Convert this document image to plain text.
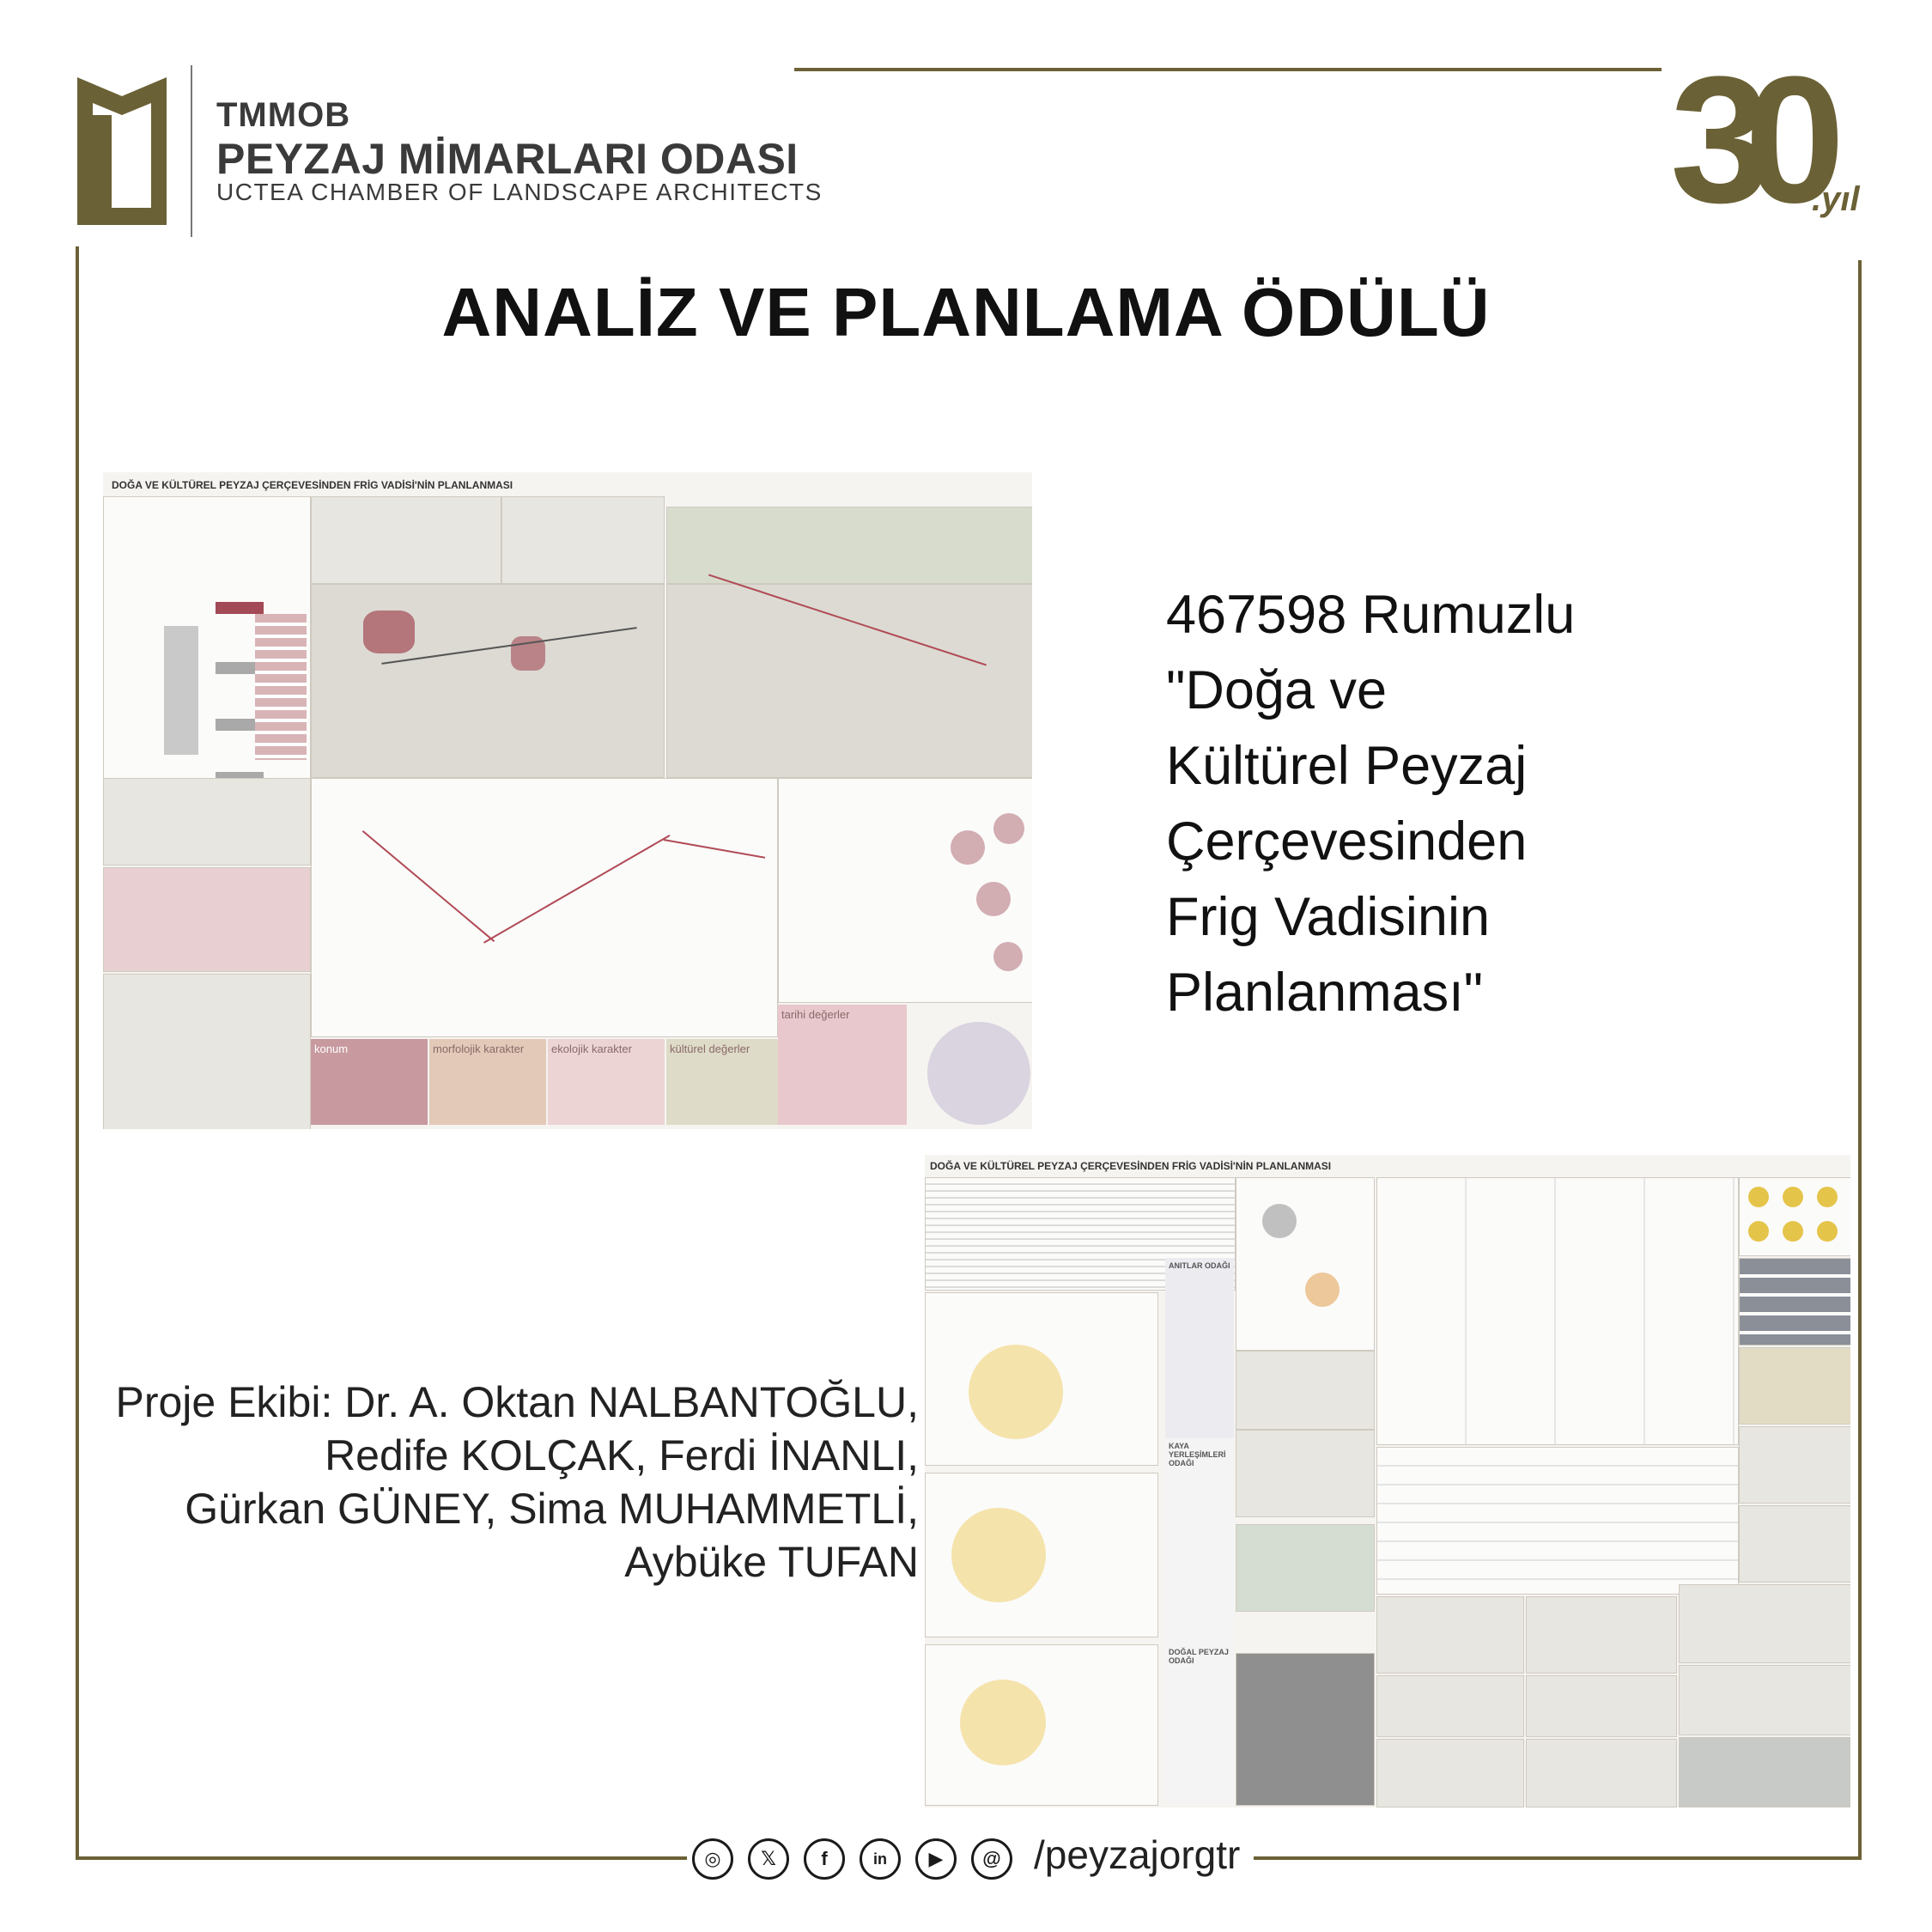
TMMOB
PEYZAJ MİMARLARI ODASI
UCTEA CHAMBER OF LANDSCAPE ARCHITECTS	30
.yıl
ANALİZ VE PLANLAMA ÖDÜLÜ
DOĞA VE KÜLTÜREL PEYZAJ ÇERÇEVESİNDEN FRİG VADİSİ'NİN PLANLANMASI
konum	morfolojik karakter	ekolojik karakter	kültürel değerler
tarihi değerler
467598 Rumuzlu
"Doğa ve
Kültürel Peyzaj
Çerçevesinden
Frig Vadisinin
Planlanması"
Proje Ekibi: Dr. A. Oktan NALBANTOĞLU,
Redife KOLÇAK, Ferdi İNANLI,
Gürkan GÜNEY, Sima MUHAMMETLİ,
Aybüke TUFAN
DOĞA VE KÜLTÜREL PEYZAJ ÇERÇEVESİNDEN FRİG VADİSİ'NİN PLANLANMASI
ANITLAR ODAĞI
KAYA YERLEŞİMLERİ ODAĞI
DOĞAL PEYZAJ ODAĞI
◎	𝕏	f	in	▶	@ /peyzajorgtr
